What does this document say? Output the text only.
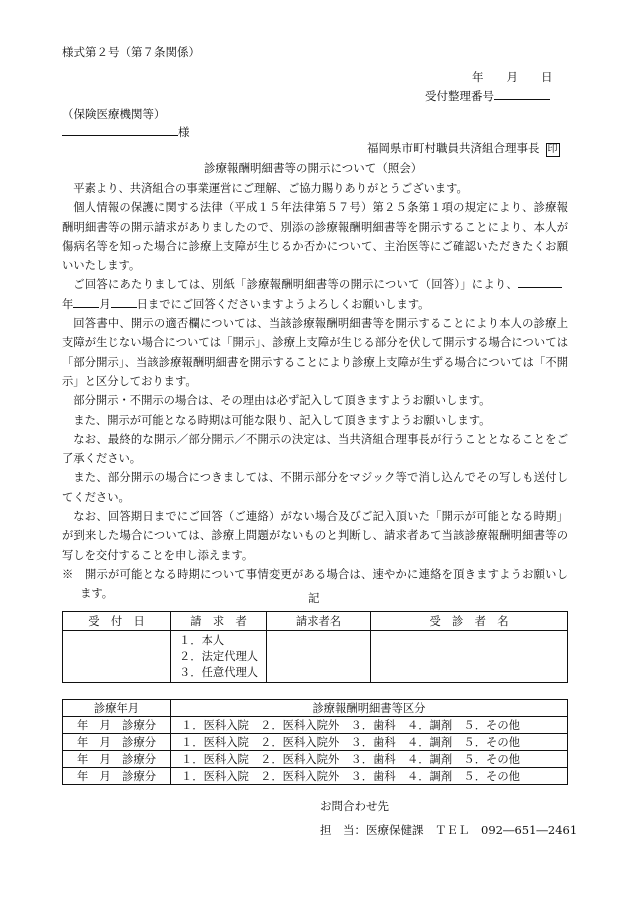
様式第２号（第７条関係）
年　　月　　日
受付整理番号
（保険医療機関等）
様
福岡県市町村職員共済組合理事長 印
診療報酬明細書等の開示について（照会）

平素より、共済組合の事業運営にご理解、ご協力賜りありがとうございます。

個人情報の保護に関する法律（平成１５年法律第５７号）第２５条第１項の規定により、診療報酬明細書等の開示請求がありましたので、別添の診療報酬明細書等を開示することにより、本人が傷病名等を知った場合に診療上支障が生じるか否かについて、主治医等にご確認いただきたくお願いいたします。

ご回答にあたりましては、別紙「診療報酬明細書等の開示について（回答）」により、年 月 日までにご回答くださいますようよろしくお願いします。

回答書中、開示の適否欄については、当該診療報酬明細書等を開示することにより本人の診療上支障が生じない場合については「開示」、診療上支障が生じる部分を伏して開示する場合については「部分開示」、当該診療報酬明細書を開示することにより診療上支障が生ずる場合については「不開示」と区分しております。

部分開示・不開示の場合は、その理由は必ず記入して頂きますようお願いします。

また、開示が可能となる時期は可能な限り、記入して頂きますようお願いします。

なお、最終的な開示／部分開示／不開示の決定は、当共済組合理事長が行うこととなることをご了承ください。

また、部分開示の場合につきましては、不開示部分をマジック等で消し込んでその写しも送付してください。

なお、回答期日までにご回答（ご連絡）がない場合及びご記入頂いた「開示が可能となる時期」が到来した場合については、診療上問題がないものと判断し、請求者あて当該診療報酬明細書等の写しを交付することを申し添えます。

※　 開示が可能となる時期について事情変更がある場合は、速やかに連絡を頂きますようお願いします。	記
受　付　日	請　求　者	請求者名	受　診　者　名

	１．本人
２．法定代理人
３．任意代理人		

診療年月	診療報酬明細書等区分
年　月　診療分	１．医科入院　２．医科入院外　３．歯科　４．調剤　５．その他
年　月　診療分	１．医科入院　２．医科入院外　３．歯科　４．調剤　５．その他
年　月　診療分	１．医科入院　２．医科入院外　３．歯科　４．調剤　５．その他
年　月　診療分	１．医科入院　２．医科入院外　３．歯科　４．調剤　５．その他
お問合わせ先
担　当：医療保健課　 ＴＥＬ　 092―651―2461
